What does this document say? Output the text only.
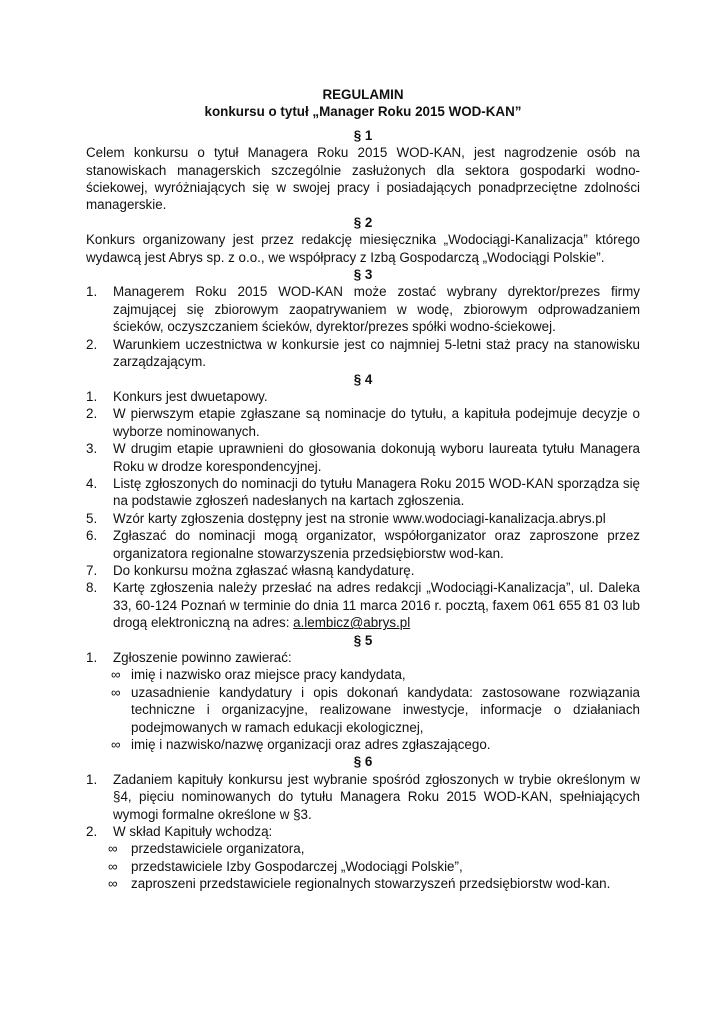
REGULAMIN
konkursu o tytuł „Manager Roku 2015 WOD-KAN”
§ 1
Celem konkursu o tytuł Managera Roku 2015 WOD-KAN, jest nagrodzenie osób na stanowiskach managerskich szczególnie zasłużonych dla sektora gospodarki wodno-ściekowej, wyróżniających się w swojej pracy i posiadających ponadprzeciętne zdolności managerskie.
§ 2
Konkurs organizowany jest przez redakcję miesięcznika „Wodociągi-Kanalizacja” którego wydawcą jest Abrys sp. z o.o., we współpracy z Izbą Gospodarczą „Wodociągi Polskie”.
§ 3
1. Managerem Roku 2015 WOD-KAN może zostać wybrany dyrektor/prezes firmy zajmującej się zbiorowym zaopatrywaniem w wodę, zbiorowym odprowadzaniem ścieków, oczyszczaniem ścieków, dyrektor/prezes spółki wodno-ściekowej.
2. Warunkiem uczestnictwa w konkursie jest co najmniej 5-letni staż pracy na stanowisku zarządzającym.
§ 4
1. Konkurs jest dwuetapowy.
2. W pierwszym etapie zgłaszane są nominacje do tytułu, a kapituła podejmuje decyzje o wyborze nominowanych.
3. W drugim etapie uprawnieni do głosowania dokonują wyboru laureata tytułu Managera Roku w drodze korespondencyjnej.
4. Listę zgłoszonych do nominacji do tytułu Managera Roku 2015 WOD-KAN sporządza się na podstawie zgłoszeń nadesłanych na kartach zgłoszenia.
5. Wzór karty zgłoszenia dostępny jest na stronie www.wodociagi-kanalizacja.abrys.pl
6. Zgłaszać do nominacji mogą organizator, współorganizator oraz zaproszone przez organizatora regionalne stowarzyszenia przedsiębiorstw wod-kan.
7. Do konkursu można zgłaszać własną kandydaturę.
8. Kartę zgłoszenia należy przesłać na adres redakcji „Wodociągi-Kanalizacja”, ul. Daleka 33, 60-124 Poznań w terminie do dnia 11 marca 2016 r. pocztą, faxem 061 655 81 03 lub drogą elektroniczną na adres: a.lembicz@abrys.pl
§ 5
1. Zgłoszenie powinno zawierać:
∞ imię i nazwisko oraz miejsce pracy kandydata,
∞ uzasadnienie kandydatury i opis dokonań kandydata: zastosowane rozwiązania techniczne i organizacyjne, realizowane inwestycje, informacje o działaniach podejmowanych w ramach edukacji ekologicznej,
∞ imię i nazwisko/nazwę organizacji oraz adres zgłaszającego.
§ 6
1. Zadaniem kapituły konkursu jest wybranie spośród zgłoszonych w trybie określonym w §4, pięciu nominowanych do tytułu Managera Roku 2015 WOD-KAN, spełniających wymogi formalne określone w §3.
2. W skład Kapituły wchodzą:
∞ przedstawiciele organizatora,
∞ przedstawiciele Izby Gospodarczej „Wodociągi Polskie”,
∞ zaproszeni przedstawiciele regionalnych stowarzyszeń przedsiębiorstw wod-kan.
